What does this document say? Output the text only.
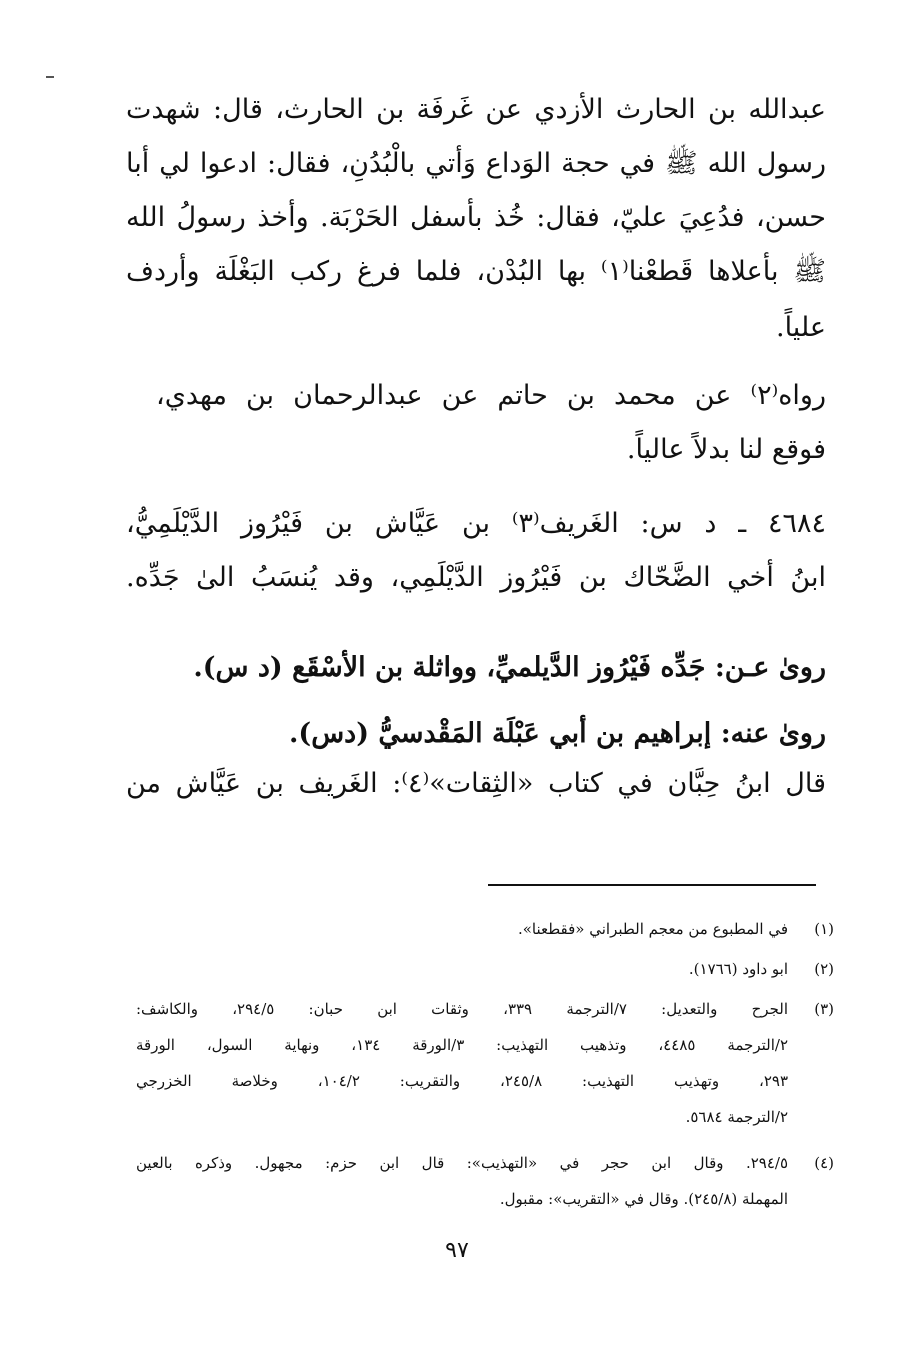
عبدالله بن الحارث الأزدي عن غَرفَة بن الحارث، قال: شهدت
رسول الله ﷺ في حجة الوَداع وَأتي بالْبُدُنِ، فقال: ادعوا لي أبا
حسن، فدُعِيَ عليّ، فقال: خُذ بأسفل الحَرْبَة. وأخذ رسولُ الله
ﷺ بأعلاها قَطعْنا⁽١⁾ بها البُدْن، فلما فرغ ركب البَغْلَة وأردف
علياً.
رواه⁽٢⁾ عن محمد بن حاتم عن عبدالرحمان بن مهدي،
فوقع لنا بدلاً عالياً.
٤٦٨٤ ـ د س: الغَريف⁽٣⁾ بن عَيَّاش بن فَيْرُوز الدَّيْلَمِيُّ،
ابنُ أخي الضَّحّاك بن فَيْرُوز الدَّيْلَمِي، وقد يُنسَبُ الىٰ جَدِّه.
روىٰ عـن: جَدِّه فَيْرُوز الدَّيلميِّ، وواثلة بن الأسْقَع (د س).
روىٰ عنه: إبراهيم بن أبي عَبْلَة المَقْدسيُّ (دس).
قال ابنُ حِبَّان في كتاب «الثِقات»⁽٤⁾: الغَريف بن عَيَّاش من
(١)
في المطبوع من معجم الطبراني «فقطعنا».
(٢)
ابو داود (١٧٦٦).
(٣)
الجرح والتعديل: ٧/الترجمة ٣٣٩، وثقات ابن حبان: ٢٩٤/٥، والكاشف:
٢/الترجمة ٤٤٨٥، وتذهيب التهذيب: ٣/الورقة ١٣٤، ونهاية السول، الورقة
٢٩٣، وتهذيب التهذيب: ٢٤٥/٨، والتقريب: ١٠٤/٢، وخلاصة الخزرجي
٢/الترجمة ٥٦٨٤.
(٤)
٢٩٤/٥. وقال ابن حجر في «التهذيب»: قال ابن حزم: مجهول. وذكره بالعين
المهملة (٢٤٥/٨). وقال في «التقريب»: مقبول.
٩٧
